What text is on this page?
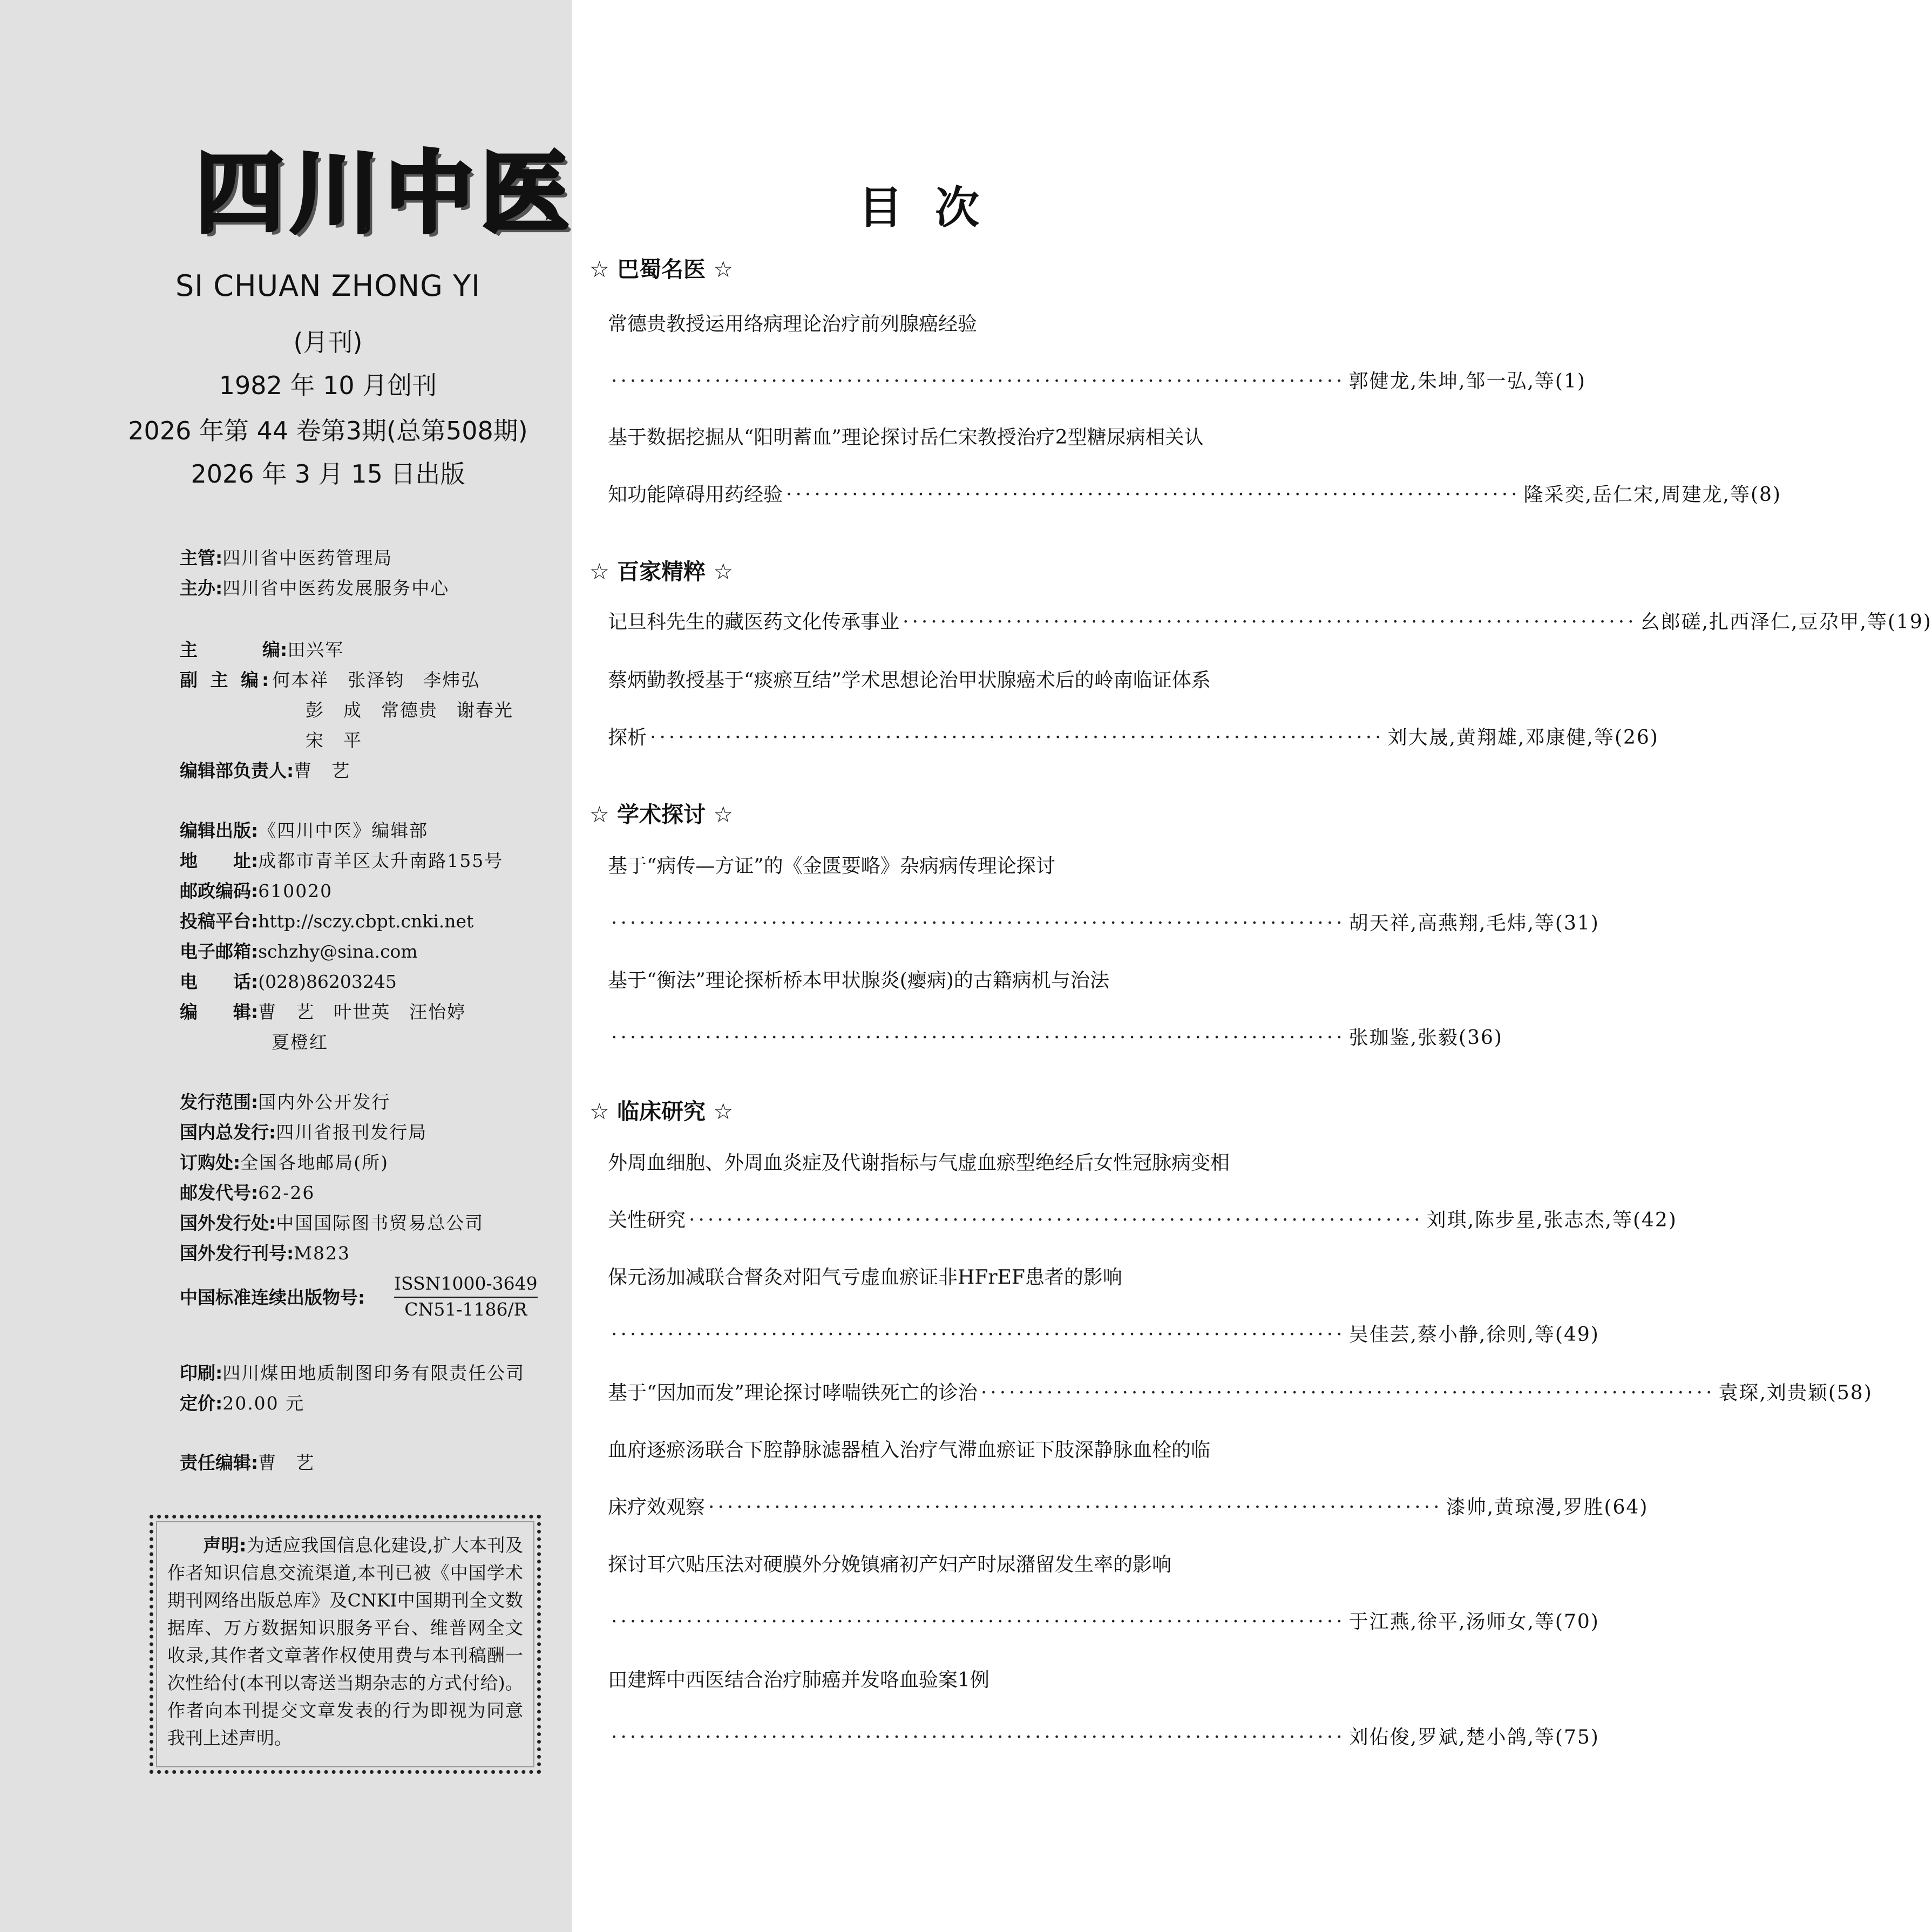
四川中医
SI CHUAN ZHONG YI
(月刊)
1982 年 10 月创刊
2026 年第 44 卷第3期(总第508期)
2026 年 3 月 15 日出版
主管:四川省中医药管理局
主办:四川省中医药发展服务中心
主	编:田兴军
副 主 编:何本祥　张泽钧　李炜弘
彭　成　常德贵　谢春光
宋　平
编辑部负责人:曹　艺
编辑出版:《四川中医》编辑部
地　　址:成都市青羊区太升南路155号
邮政编码:610020
投稿平台:http://sczy.cbpt.cnki.net
电子邮箱:schzhy@sina.com
电　　话:(028)86203245
编　　辑:曹　艺　叶世英　汪怡婷
夏橙红
发行范围:国内外公开发行
国内总发行:四川省报刊发行局
订购处:全国各地邮局(所)
邮发代号:62-26
国外发行处:中国国际图书贸易总公司
国外发行刊号:M823
中国标准连续出版物号:
印刷:四川煤田地质制图印务有限责任公司
定价:20.00 元
责任编辑:曹　艺
ISSN1000-3649
CN51-1186/R
声明:为适应我国信息化建设,扩大本刊及作者知识信息交流渠道,本刊已被《中国学术期刊网络出版总库》及CNKI中国期刊全文数据库、万方数据知识服务平台、维普网全文收录,其作者文章著作权使用费与本刊稿酬一次性给付(本刊以寄送当期杂志的方式付给)。作者向本刊提交文章发表的行为即视为同意我刊上述声明。
目次
☆ 巴蜀名医 ☆
☆ 百家精粹 ☆
☆ 学术探讨 ☆
☆ 临床研究 ☆
常德贵教授运用络病理论治疗前列腺癌经验
·············································································· 郭健龙,朱坤,邹一弘,等(1)
基于数据挖掘从“阳明蓄血”理论探讨岳仁宋教授治疗2型糖尿病相关认
知功能障碍用药经验 ·············································································· 隆采奕,岳仁宋,周建龙,等(8)
记旦科先生的藏医药文化传承事业 ·············································································· 幺郎磋,扎西泽仁,豆尕甲,等(19)
蔡炳勤教授基于“痰瘀互结”学术思想论治甲状腺癌术后的岭南临证体系
探析 ·············································································· 刘大晟,黄翔雄,邓康健,等(26)
基于“病传—方证”的《金匮要略》杂病病传理论探讨
·············································································· 胡天祥,高燕翔,毛炜,等(31)
基于“衡法”理论探析桥本甲状腺炎(瘿病)的古籍病机与治法
·············································································· 张珈鉴,张毅(36)
外周血细胞、外周血炎症及代谢指标与气虚血瘀型绝经后女性冠脉病变相
关性研究 ·············································································· 刘琪,陈步星,张志杰,等(42)
保元汤加减联合督灸对阳气亏虚血瘀证非HFrEF患者的影响
·············································································· 吴佳芸,蔡小静,徐则,等(49)
基于“因加而发”理论探讨哮喘铁死亡的诊治 ·············································································· 袁琛,刘贵颖(58)
血府逐瘀汤联合下腔静脉滤器植入治疗气滞血瘀证下肢深静脉血栓的临
床疗效观察 ·············································································· 漆帅,黄琼漫,罗胜(64)
探讨耳穴贴压法对硬膜外分娩镇痛初产妇产时尿潴留发生率的影响
·············································································· 于江燕,徐平,汤师女,等(70)
田建辉中西医结合治疗肺癌并发咯血验案1例
·············································································· 刘佑俊,罗斌,楚小鸽,等(75)
